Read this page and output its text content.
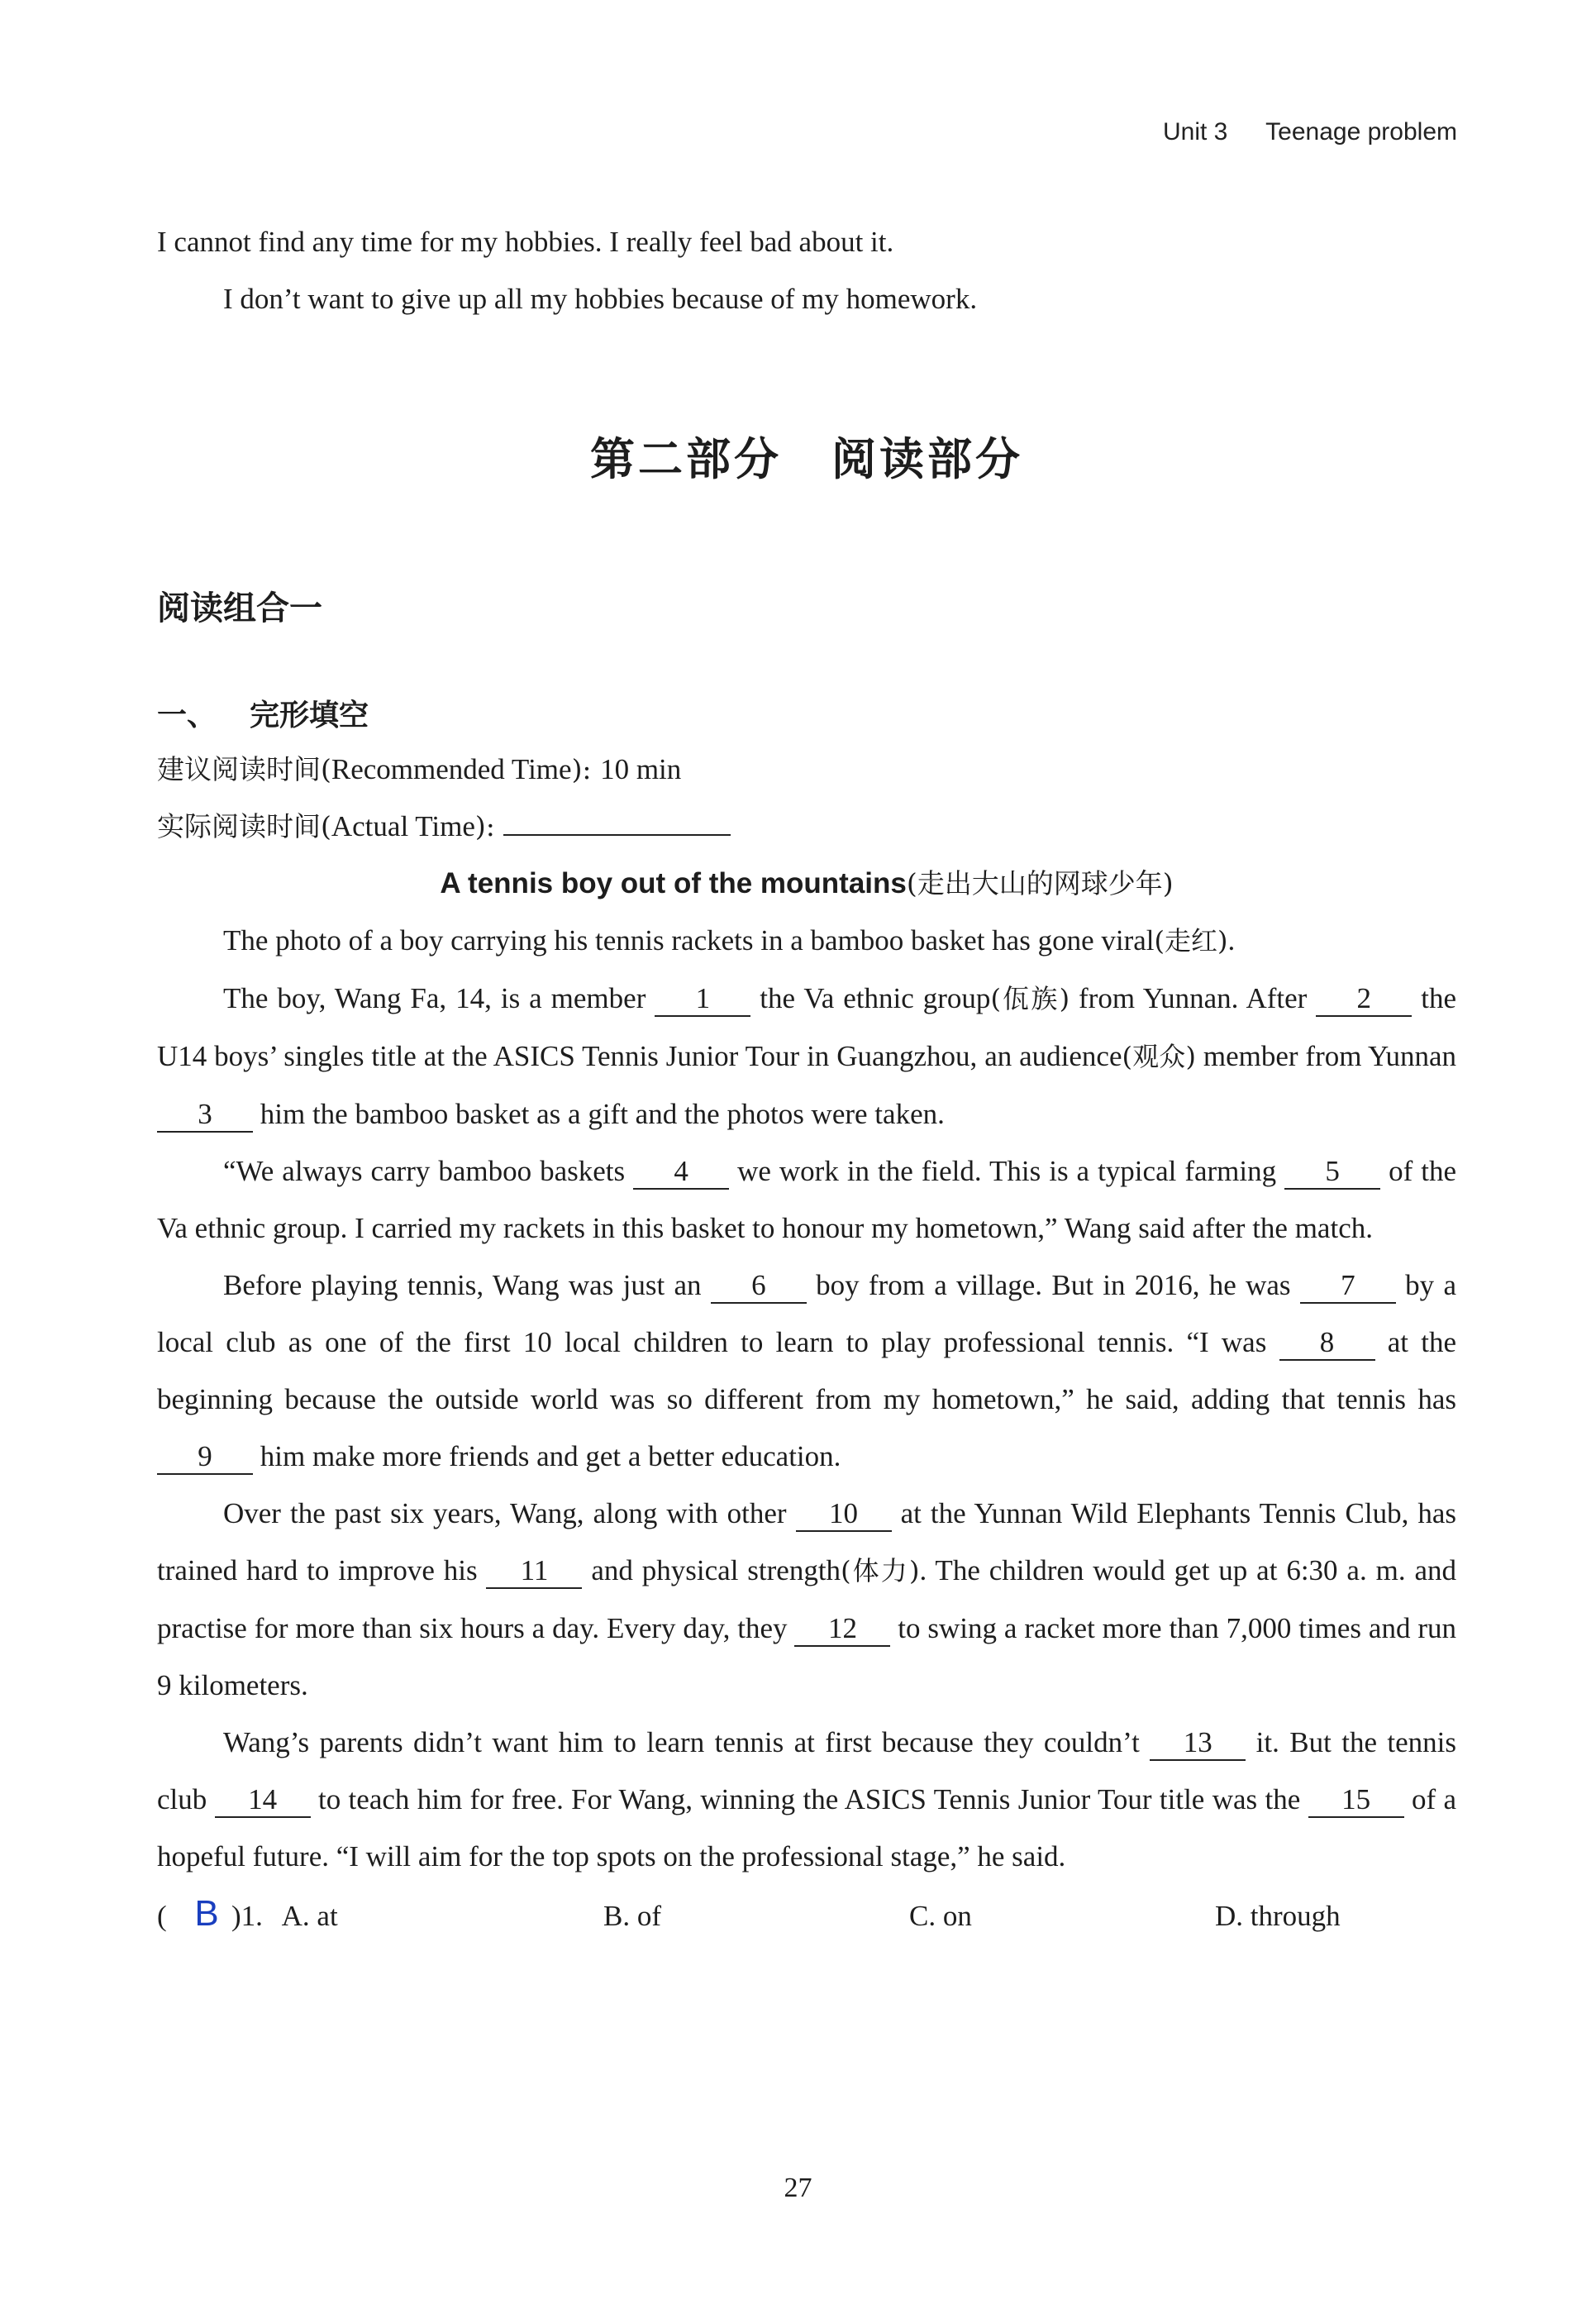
Unit 3 Teenage problem

I cannot find any time for my hobbies. I really feel bad about it.

I don’t want to give up all my hobbies because of my homework.

第二部分 阅读部分

阅读组合一

一、 完形填空

建议阅读时间(Recommended Time): 10 min

实际阅读时间(Actual Time):

A tennis boy out of the mountains(走出大山的网球少年)

The photo of a boy carrying his tennis rackets in a bamboo basket has gone viral(走红).

The boy, Wang Fa, 14, is a member 1 the Va ethnic group(佤族) from Yunnan. After 2 the U14 boys’ singles title at the ASICS Tennis Junior Tour in Guangzhou, an audience(观众) member from Yunnan 3 him the bamboo basket as a gift and the photos were taken.

“We always carry bamboo baskets 4 we work in the field. This is a typical farming 5 of the Va ethnic group. I carried my rackets in this basket to honour my hometown,” Wang said after the match.

Before playing tennis, Wang was just an 6 boy from a village. But in 2016, he was 7 by a local club as one of the first 10 local children to learn to play professional tennis. “I was 8 at the beginning because the outside world was so different from my hometown,” he said, adding that tennis has 9 him make more friends and get a better education.

Over the past six years, Wang, along with other 10 at the Yunnan Wild Elephants Tennis Club, has trained hard to improve his 11 and physical strength(体力). The children would get up at 6:30 a. m. and practise for more than six hours a day. Every day, they 12 to swing a racket more than 7,000 times and run 9 kilometers.

Wang’s parents didn’t want him to learn tennis at first because they couldn’t 13 it. But the tennis club 14 to teach him for free. For Wang, winning the ASICS Tennis Junior Tour title was the 15 of a hopeful future. “I will aim for the top spots on the professional stage,” he said.

( B )1. A. at	B. of	C. on	D. through
27
